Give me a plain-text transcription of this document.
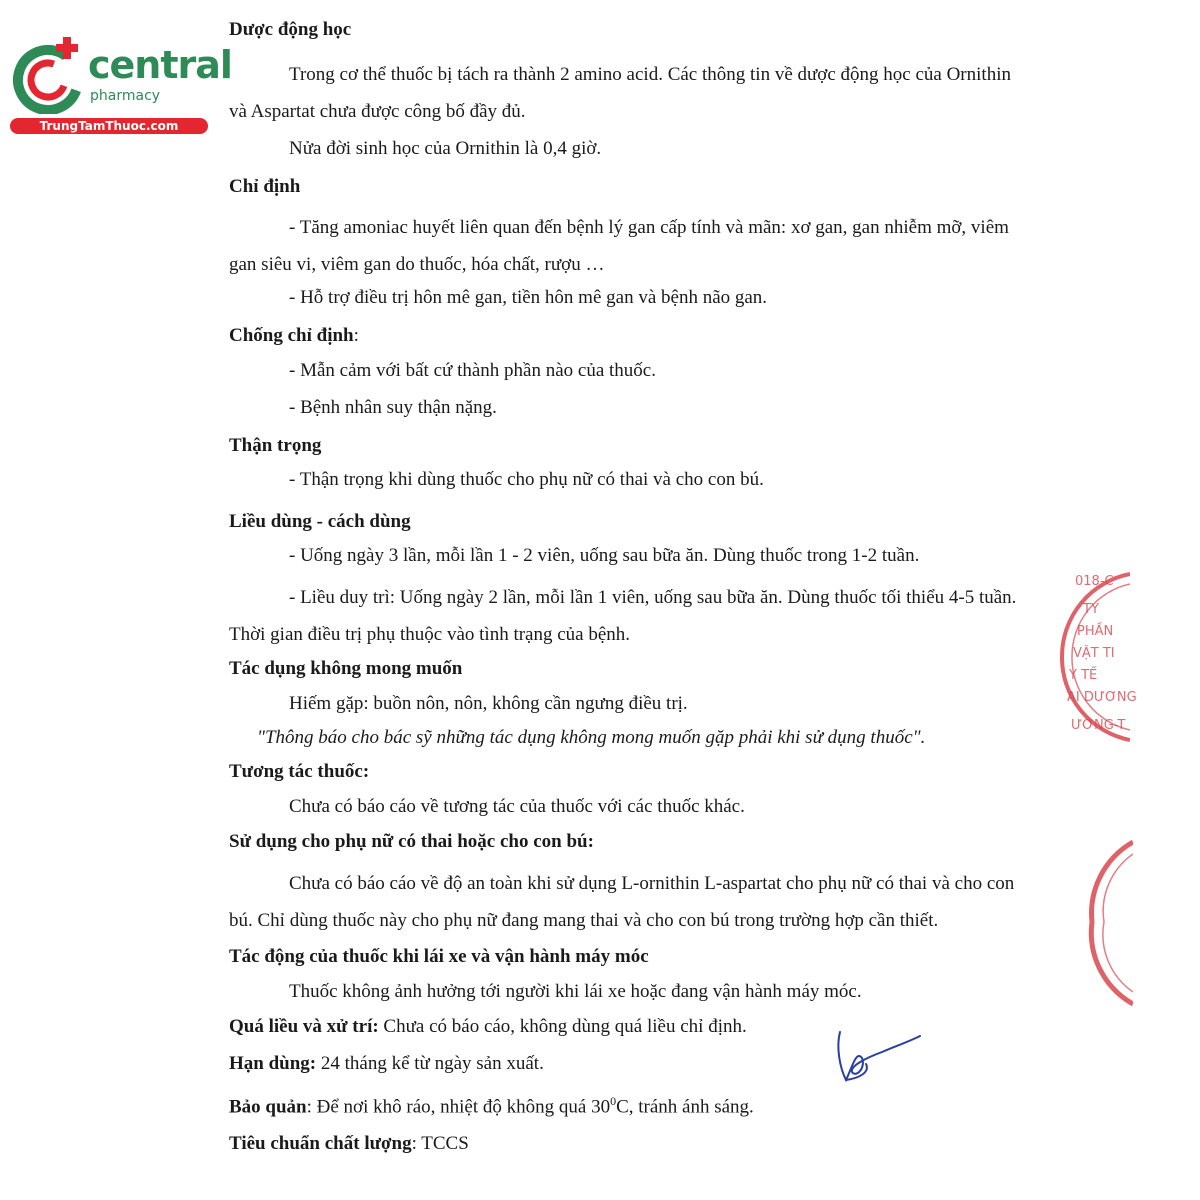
central
pharmacy
TrungTamThuoc.com

Dược động học

Trong cơ thể thuốc bị tách ra thành 2 amino acid. Các thông tin về dược động học của Ornithin và Aspartat chưa được công bố đầy đủ.

Nửa đời sinh học của Ornithin là 0,4 giờ.

Chỉ định

- Tăng amoniac huyết liên quan đến bệnh lý gan cấp tính và mãn: xơ gan, gan nhiễm mỡ, viêm gan siêu vi, viêm gan do thuốc, hóa chất, rượu …

- Hỗ trợ điều trị hôn mê gan, tiền hôn mê gan và bệnh não gan.

Chống chỉ định:

- Mẫn cảm với bất cứ thành phần nào của thuốc.

- Bệnh nhân suy thận nặng.

Thận trọng

- Thận trọng khi dùng thuốc cho phụ nữ có thai và cho con bú.

Liều dùng - cách dùng

- Uống ngày 3 lần, mỗi lần 1 - 2 viên, uống sau bữa ăn. Dùng thuốc trong 1-2 tuần.

- Liều duy trì: Uống ngày 2 lần, mỗi lần 1 viên, uống sau bữa ăn. Dùng thuốc tối thiểu 4-5 tuần. Thời gian điều trị phụ thuộc vào tình trạng của bệnh.

Tác dụng không mong muốn

Hiếm gặp: buồn nôn, nôn, không cần ngưng điều trị.

"Thông báo cho bác sỹ những tác dụng không mong muốn gặp phải khi sử dụng thuốc".

Tương tác thuốc:

Chưa có báo cáo về tương tác của thuốc với các thuốc khác.

Sử dụng cho phụ nữ có thai hoặc cho con bú:

Chưa có báo cáo về độ an toàn khi sử dụng L-ornithin L-aspartat cho phụ nữ có thai và cho con bú. Chỉ dùng thuốc này cho phụ nữ đang mang thai và cho con bú trong trường hợp cần thiết.

Tác động của thuốc khi lái xe và vận hành máy móc

Thuốc không ảnh hưởng tới người khi lái xe hoặc đang vận hành máy móc.

Quá liều và xử trí: Chưa có báo cáo, không dùng quá liều chỉ định.

Hạn dùng: 24 tháng kể từ ngày sản xuất.

Bảo quản: Để nơi khô ráo, nhiệt độ không quá $30^0C$, tránh ánh sáng.

Tiêu chuẩn chất lượng: TCCS

018-C
TY
PHẦN
VẬT TI
Y TẾ
AI DƯƠNG
ƯƠNG-T
